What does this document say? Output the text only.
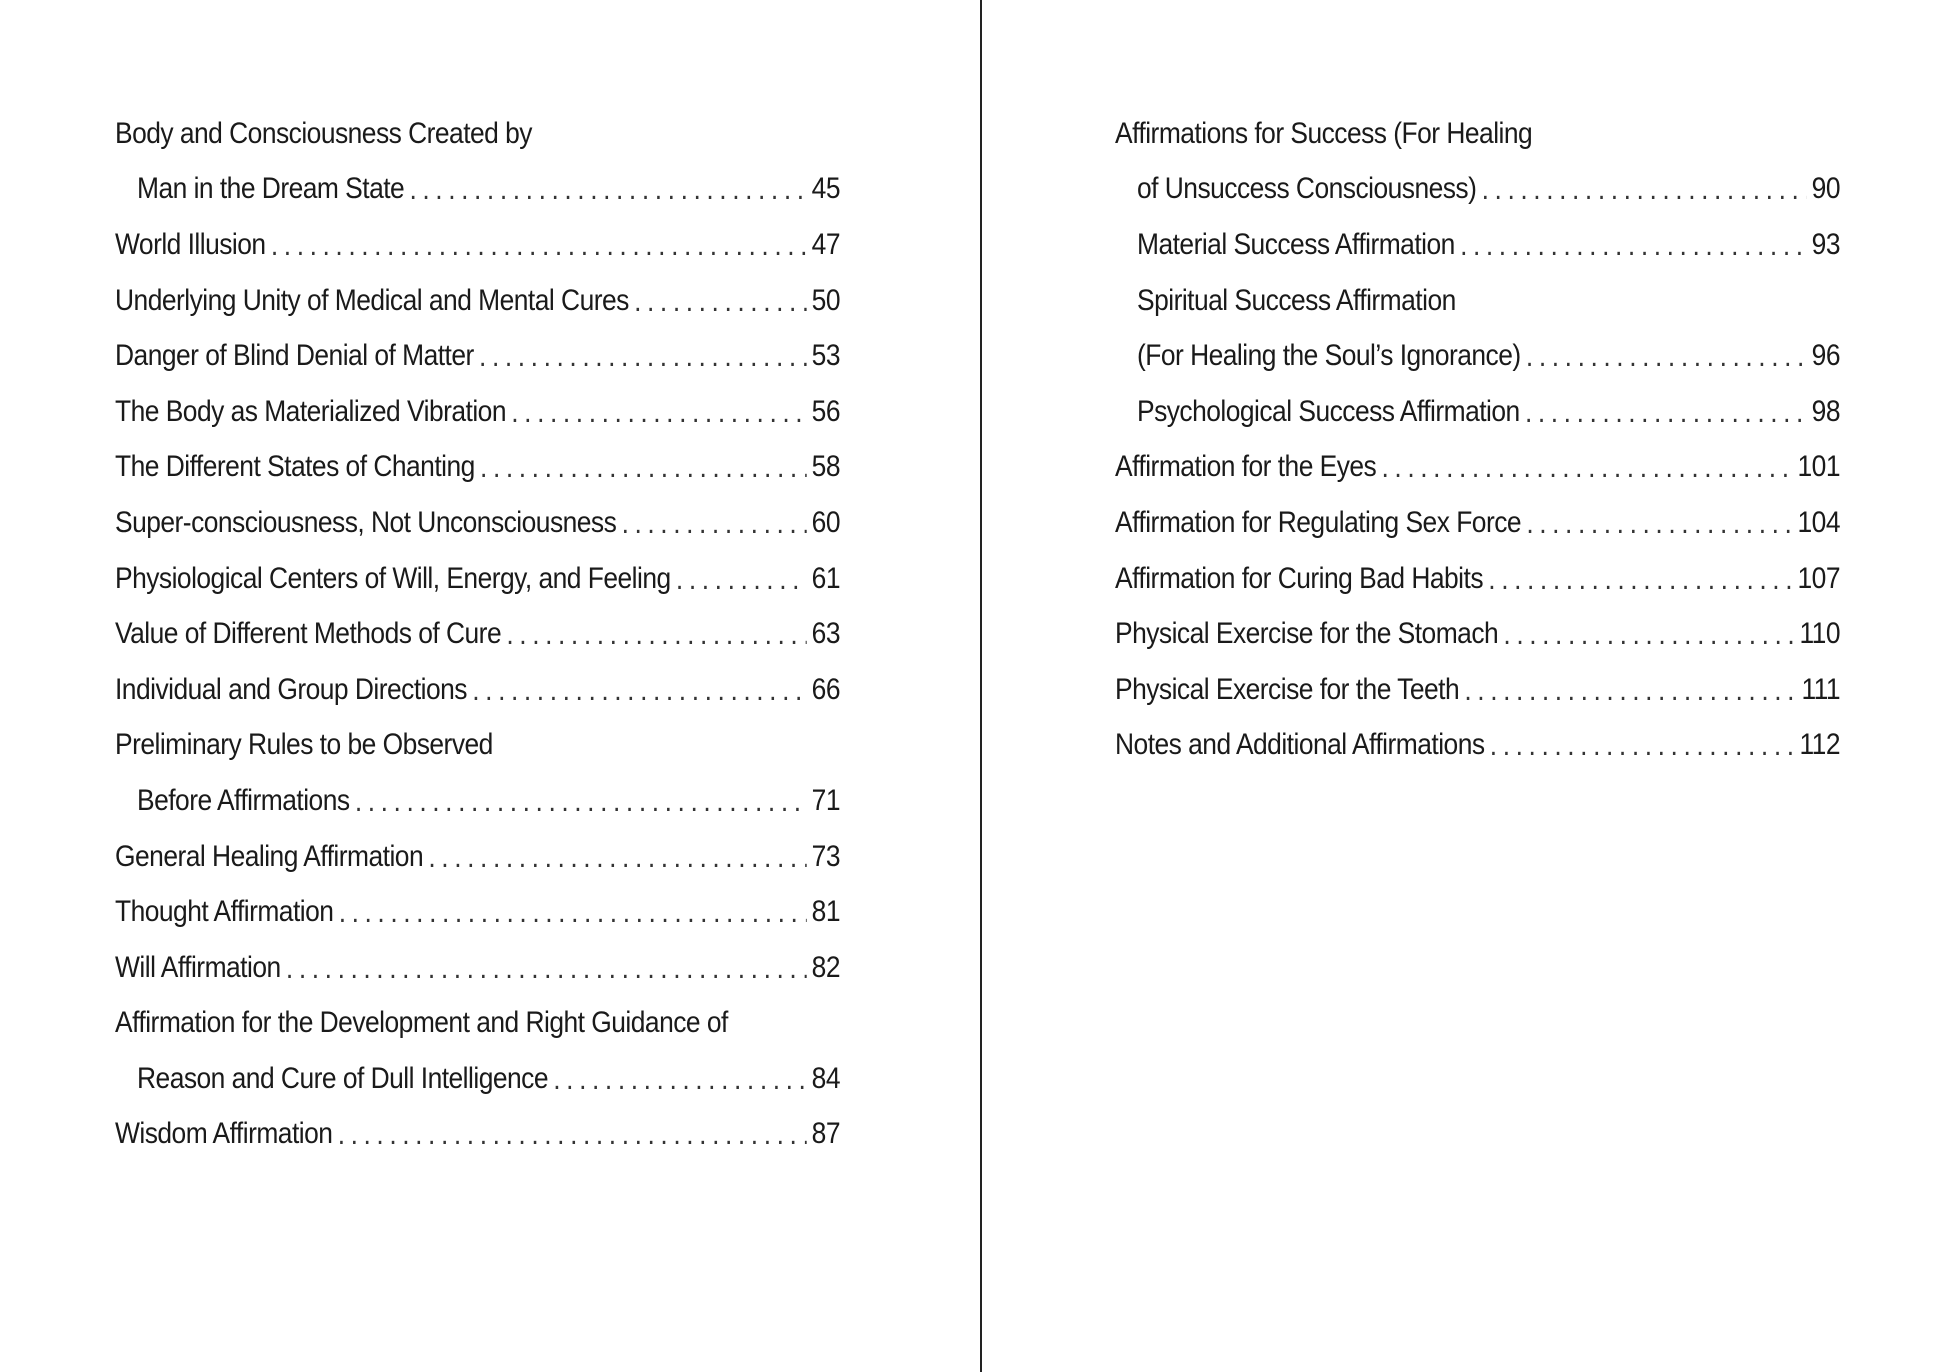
Body and Consciousness Created by
Man in the Dream State . . .	45
World Illusion . . .	47
Underlying Unity of Medical and Mental Cures . . .	50
Danger of Blind Denial of Matter . . .	53
The Body as Materialized Vibration . . .	56
The Different States of Chanting . . .	58
Super-consciousness, Not Unconsciousness . . .	60
Physiological Centers of Will, Energy, and Feeling . . .	61
Value of Different Methods of Cure . . .	63
Individual and Group Directions . . .	66
Preliminary Rules to be Observed
Before Affirmations . . .	71
General Healing Affirmation . . .	73
Thought Affirmation . . .	81
Will Affirmation . . .	82
Affirmation for the Development and Right Guidance of
Reason and Cure of Dull Intelligence . . .	84
Wisdom Affirmation . . .	87
Affirmations for Success (For Healing
of Unsuccess Consciousness) . . .	90
Material Success Affirmation . . .	93
Spiritual Success Affirmation
(For Healing the Soul’s Ignorance) . . .	96
Psychological Success Affirmation . . .	98
Affirmation for the Eyes . . .	101
Affirmation for Regulating Sex Force . . .	104
Affirmation for Curing Bad Habits . . .	107
Physical Exercise for the Stomach . . .	110
Physical Exercise for the Teeth . . .	111
Notes and Additional Affirmations . . .	112
